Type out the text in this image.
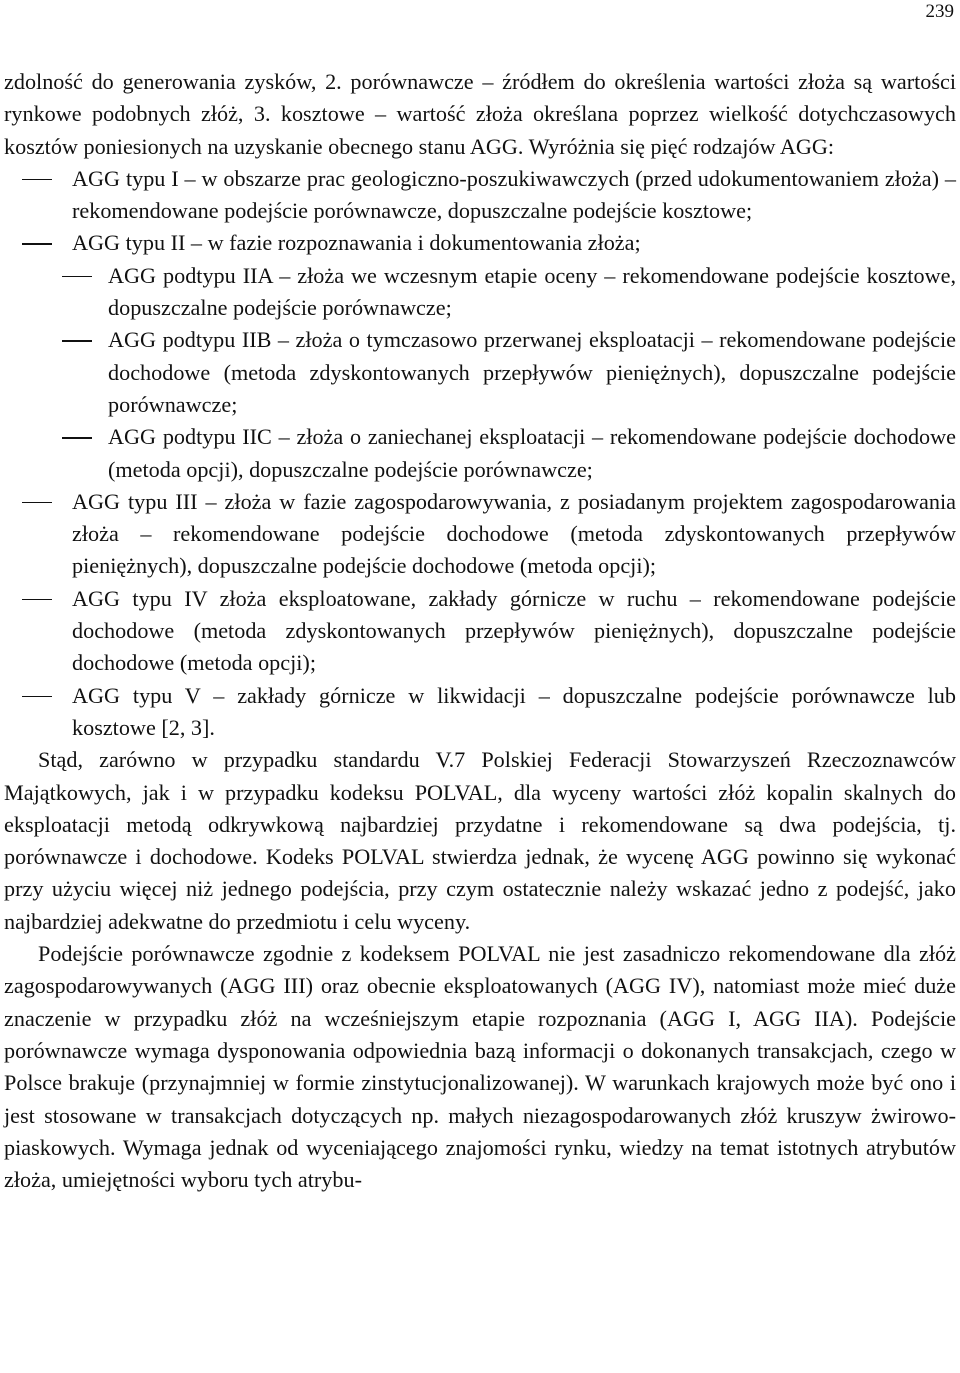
239

zdolność do generowania zysków, 2. porównawcze – źródłem do określenia wartości złoża są wartości rynkowe podobnych złóż, 3. kosztowe – wartość złoża określana poprzez wielkość dotychczasowych kosztów poniesionych na uzyskanie obecnego stanu AGG. Wyróżnia się pięć rodzajów AGG:

AGG typu I – w obszarze prac geologiczno-poszukiwawczych (przed udokumentowaniem złoża) – rekomendowane podejście porównawcze, dopuszczalne podejście kosztowe;
AGG typu II – w fazie rozpoznawania i dokumentowania złoża;
AGG podtypu IIA – złoża we wczesnym etapie oceny – rekomendowane podejście kosztowe, dopuszczalne podejście porównawcze;
AGG podtypu IIB – złoża o tymczasowo przerwanej eksploatacji – rekomendowane podejście dochodowe (metoda zdyskontowanych przepływów pieniężnych), dopuszczalne podejście porównawcze;
AGG podtypu IIC – złoża o zaniechanej eksploatacji – rekomendowane podejście dochodowe (metoda opcji), dopuszczalne podejście porównawcze;
AGG typu III – złoża w fazie zagospodarowywania, z posiadanym projektem zagospodarowania złoża – rekomendowane podejście dochodowe (metoda zdyskontowanych przepływów pieniężnych), dopuszczalne podejście dochodowe (metoda opcji);
AGG typu IV złoża eksploatowane, zakłady górnicze w ruchu – rekomendowane podejście dochodowe (metoda zdyskontowanych przepływów pieniężnych), dopuszczalne podejście dochodowe (metoda opcji);
AGG typu V – zakłady górnicze w likwidacji – dopuszczalne podejście porównawcze lub kosztowe [2, 3].

Stąd, zarówno w przypadku standardu V.7 Polskiej Federacji Stowarzyszeń Rzeczoznawców Majątkowych, jak i w przypadku kodeksu POLVAL, dla wyceny wartości złóż kopalin skalnych do eksploatacji metodą odkrywkową najbardziej przydatne i rekomendowane są dwa podejścia, tj. porównawcze i dochodowe. Kodeks POLVAL stwierdza jednak, że wycenę AGG powinno się wykonać przy użyciu więcej niż jednego podejścia, przy czym ostatecznie należy wskazać jedno z podejść, jako najbardziej adekwatne do przedmiotu i celu wyceny.

Podejście porównawcze zgodnie z kodeksem POLVAL nie jest zasadniczo rekomendowane dla złóż zagospodarowywanych (AGG III) oraz obecnie eksploatowanych (AGG IV), natomiast może mieć duże znaczenie w przypadku złóż na wcześniejszym etapie rozpoznania (AGG I, AGG IIA). Podejście porównawcze wymaga dysponowania odpowiednia bazą informacji o dokonanych transakcjach, czego w Polsce brakuje (przynajmniej w formie zinstytucjonalizowanej). W warunkach krajowych może być ono i jest stosowane w transakcjach dotyczących np. małych niezagospodarowanych złóż kruszyw żwirowo-piaskowych. Wymaga jednak od wyceniającego znajomości rynku, wiedzy na temat istotnych atrybutów złoża, umiejętności wyboru tych atrybu-
